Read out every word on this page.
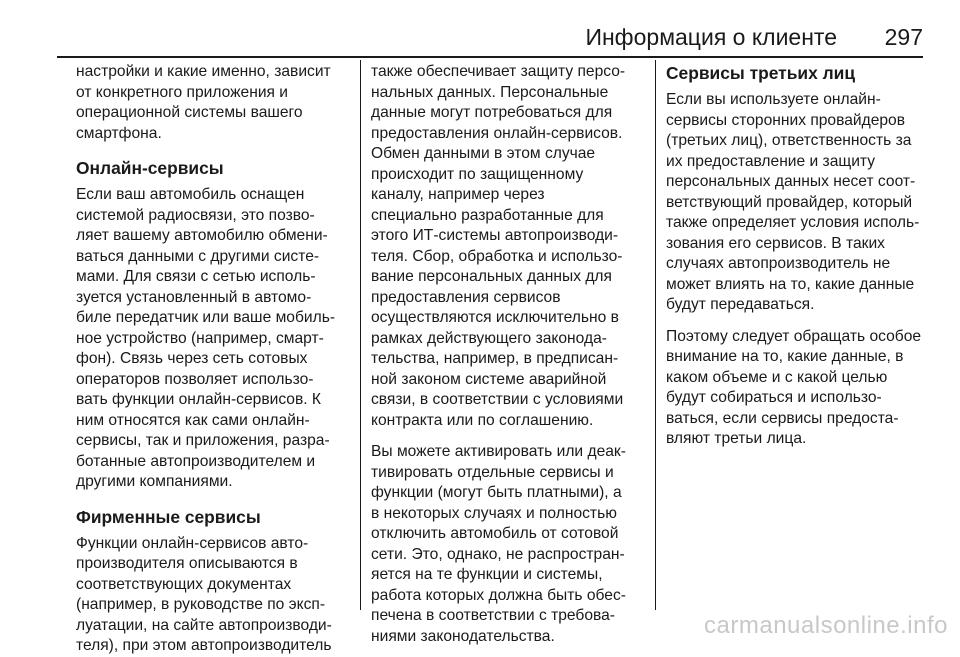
Информация о клиенте 297

настройки и какие именно, зависит
от конкретного приложения и
операционной системы вашего
смартфона.

Онлайн-сервисы

Если ваш автомобиль оснащен
системой радиосвязи, это позво-
ляет вашему автомобилю обмени-
ваться данными с другими систе-
мами. Для связи с сетью исполь-
зуется установленный в автомо-
биле передатчик или ваше мобиль-
ное устройство (например, смарт-
фон). Связь через сеть сотовых
операторов позволяет использо-
вать функции онлайн-сервисов. К
ним относятся как сами онлайн-
сервисы, так и приложения, разра-
ботанные автопроизводителем и
другими компаниями.

Фирменные сервисы

Функции онлайн-сервисов авто-
производителя описываются в
соответствующих документах
(например, в руководстве по эксп-
луатации, на сайте автопроизводи-
теля), при этом автопроизводитель

также обеспечивает защиту персо-
нальных данных. Персональные
данные могут потребоваться для
предоставления онлайн-сервисов.
Обмен данными в этом случае
происходит по защищенному
каналу, например через
специально разработанные для
этого ИТ-системы автопроизводи-
теля. Сбор, обработка и использо-
вание персональных данных для
предоставления сервисов
осуществляются исключительно в
рамках действующего законода-
тельства, например, в предписан-
ной законом системе аварийной
связи, в соответствии с условиями
контракта или по соглашению.

Вы можете активировать или деак-
тивировать отдельные сервисы и
функции (могут быть платными), а
в некоторых случаях и полностью
отключить автомобиль от сотовой
сети. Это, однако, не распростран-
яется на те функции и системы,
работа которых должна быть обес-
печена в соответствии с требова-
ниями законодательства.

Сервисы третьих лиц

Если вы используете онлайн-
сервисы сторонних провайдеров
(третьих лиц), ответственность за
их предоставление и защиту
персональных данных несет соот-
ветствующий провайдер, который
также определяет условия исполь-
зования его сервисов. В таких
случаях автопроизводитель не
может влиять на то, какие данные
будут передаваться.

Поэтому следует обращать особое
внимание на то, какие данные, в
каком объеме и с какой целью
будут собираться и использо-
ваться, если сервисы предоста-
вляют третьи лица.

carmanualsonline.info
